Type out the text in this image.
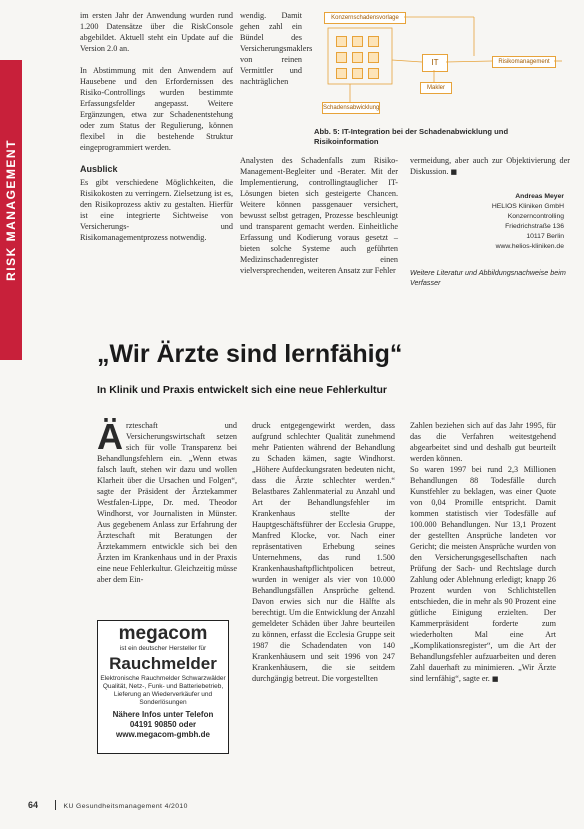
RISK MANAGEMENT

im ersten Jahr der Anwendung wurden rund 1.200 Datensätze über die RiskConsole abgebildet. Aktuell steht ein Update auf die Version 2.0 an.

In Abstimmung mit den Anwendern auf Hausebene und den Erfordernissen des Risiko-Controllings wurden bestimmte Erfassungsfelder angepasst. Weitere Ergänzungen, etwa zur Schadenentstehung oder zum Status der Regulierung, können flexibel in die bestehende Struktur eingeprogrammiert werden.

Ausblick

Es gibt verschiedene Möglichkeiten, die Risikokosten zu verringern. Zielsetzung ist es, den Risikoprozess aktiv zu gestalten. Hierfür ist eine integrierte Sichtweise von Versicherungs- und Risikomanagementprozess notwendig.

wendig. Damit gehen zahl ein Bündel des Versicherungsmaklers von reinen Vermittler und nachträglichen

Analysten des Schadenfalls zum Risiko-Management-Begleiter und -Berater. Mit der Implementierung, controllingtauglicher IT-Lösungen bieten sich gesteigerte Chancen. Weitere können passgenauer versichert, bewusst selbst getragen, Prozesse beschleunigt und transparent gemacht werden. Einheitliche Erfassung und Kodierung voraus gesetzt – bieten solche Systeme auch geführten Medizinschadenregister einen vielversprechenden, weiteren Ansatz zur Fehler

Konzernschadensvorlage
IT	Risikomanagement
Makler
Schadensabwicklung
Abb. 5: IT-Integration bei der Schadenabwicklung und Risikoinformation

vermeidung, aber auch zur Objektivierung der Diskussion. ■

Andreas Meyer
HELIOS Kliniken GmbH
Konzerncontrolling
Friedrichstraße 136
10117 Berlin
www.helios-kliniken.de
Weitere Literatur und Abbildungsnachweise beim Verfasser
„Wir Ärzte sind lernfähig“
In Klinik und Praxis entwickelt sich eine neue Fehlerkultur

Ärzteschaft und Versicherungswirtschaft setzen sich für volle Transparenz bei Behandlungsfehlern ein. „Wenn etwas falsch lauft, stehen wir dazu und wollen Klarheit über die Ursachen und Folgen“, sagte der Präsident der Ärztekammer Westfalen-Lippe, Dr. med. Theodor Windhorst, vor Journalisten in Münster. Aus gegebenem Anlass zur Erfahrung der Ärzteschaft mit Beratungen der Ärztekammern entwickle sich bei den Ärzten im Krankenhaus und in der Praxis eine neue Fehlerkultur. Gleichzeitig müsse aber dem Ein-

megacom
ist ein deutscher Hersteller für
Rauchmelder
Elektronische Rauchmelder Schwarzwälder Qualität, Netz-, Funk- und Batteriebetrieb, Lieferung an Wiederverkäufer und Sonderlösungen
Nähere Infos unter Telefon
04191 90850 oder
www.megacom-gmbh.de

druck entgegengewirkt werden, dass aufgrund schlechter Qualität zunehmend mehr Patienten während der Behandlung zu Schaden kämen, sagte Windhorst. „Höhere Aufdeckungsraten bedeuten nicht, dass die Ärzte schlechter werden.“ Belastbares Zahlenmaterial zu Anzahl und Art der Behandlungsfehler im Krankenhaus stellte der Hauptgeschäftsführer der Ecclesia Gruppe, Manfred Klocke, vor. Nach einer repräsentativen Erhebung seines Unternehmens, das rund 1.500 Krankenhaushaftpflichtpolicen betreut, wurden in weniger als vier von 10.000 Behandlungsfällen Ansprüche geltend. Davon erwies sich nur die Hälfte als berechtigt. Um die Entwicklung der Anzahl gemeldeter Schäden über Jahre beurteilen zu können, erfasst die Ecclesia Gruppe seit 1987 die Schadendaten von 140 Krankenhäusern und seit 1996 von 247 Krankenhäusern, die sie seitdem durchgängig betreut. Die vorgestellten

Zahlen beziehen sich auf das Jahr 1995, für das die Verfahren weitestgehend abgearbeitet sind und deshalb gut beurteilt werden können.

So waren 1997 bei rund 2,3 Millionen Behandlungen 88 Todesfälle durch Kunstfehler zu beklagen, was einer Quote von 0,04 Promille entspricht. Damit kommen statistisch vier Todesfälle auf 100.000 Behandlungen. Nur 13,1 Prozent der gestellten Ansprüche landeten vor Gericht; die meisten Ansprüche wurden von den Versicherungsgesellschaften nach Prüfung der Sach- und Rechtslage durch Zahlung oder Ablehnung erledigt; knapp 26 Prozent wurden von Schlichtstellen entschieden, die in mehr als 90 Prozent eine gütliche Einigung erzielten. Der Kammerpräsident forderte zum wiederholten Mal eine Art „Komplikationsregister“, um die Art der Behandlungsfehler aufzuarbeiten und deren Zahl dauerhaft zu minimieren. „Wir Ärzte sind lernfähig“, sagte er. ■

64	KU Gesundheitsmanagement 4/2010
